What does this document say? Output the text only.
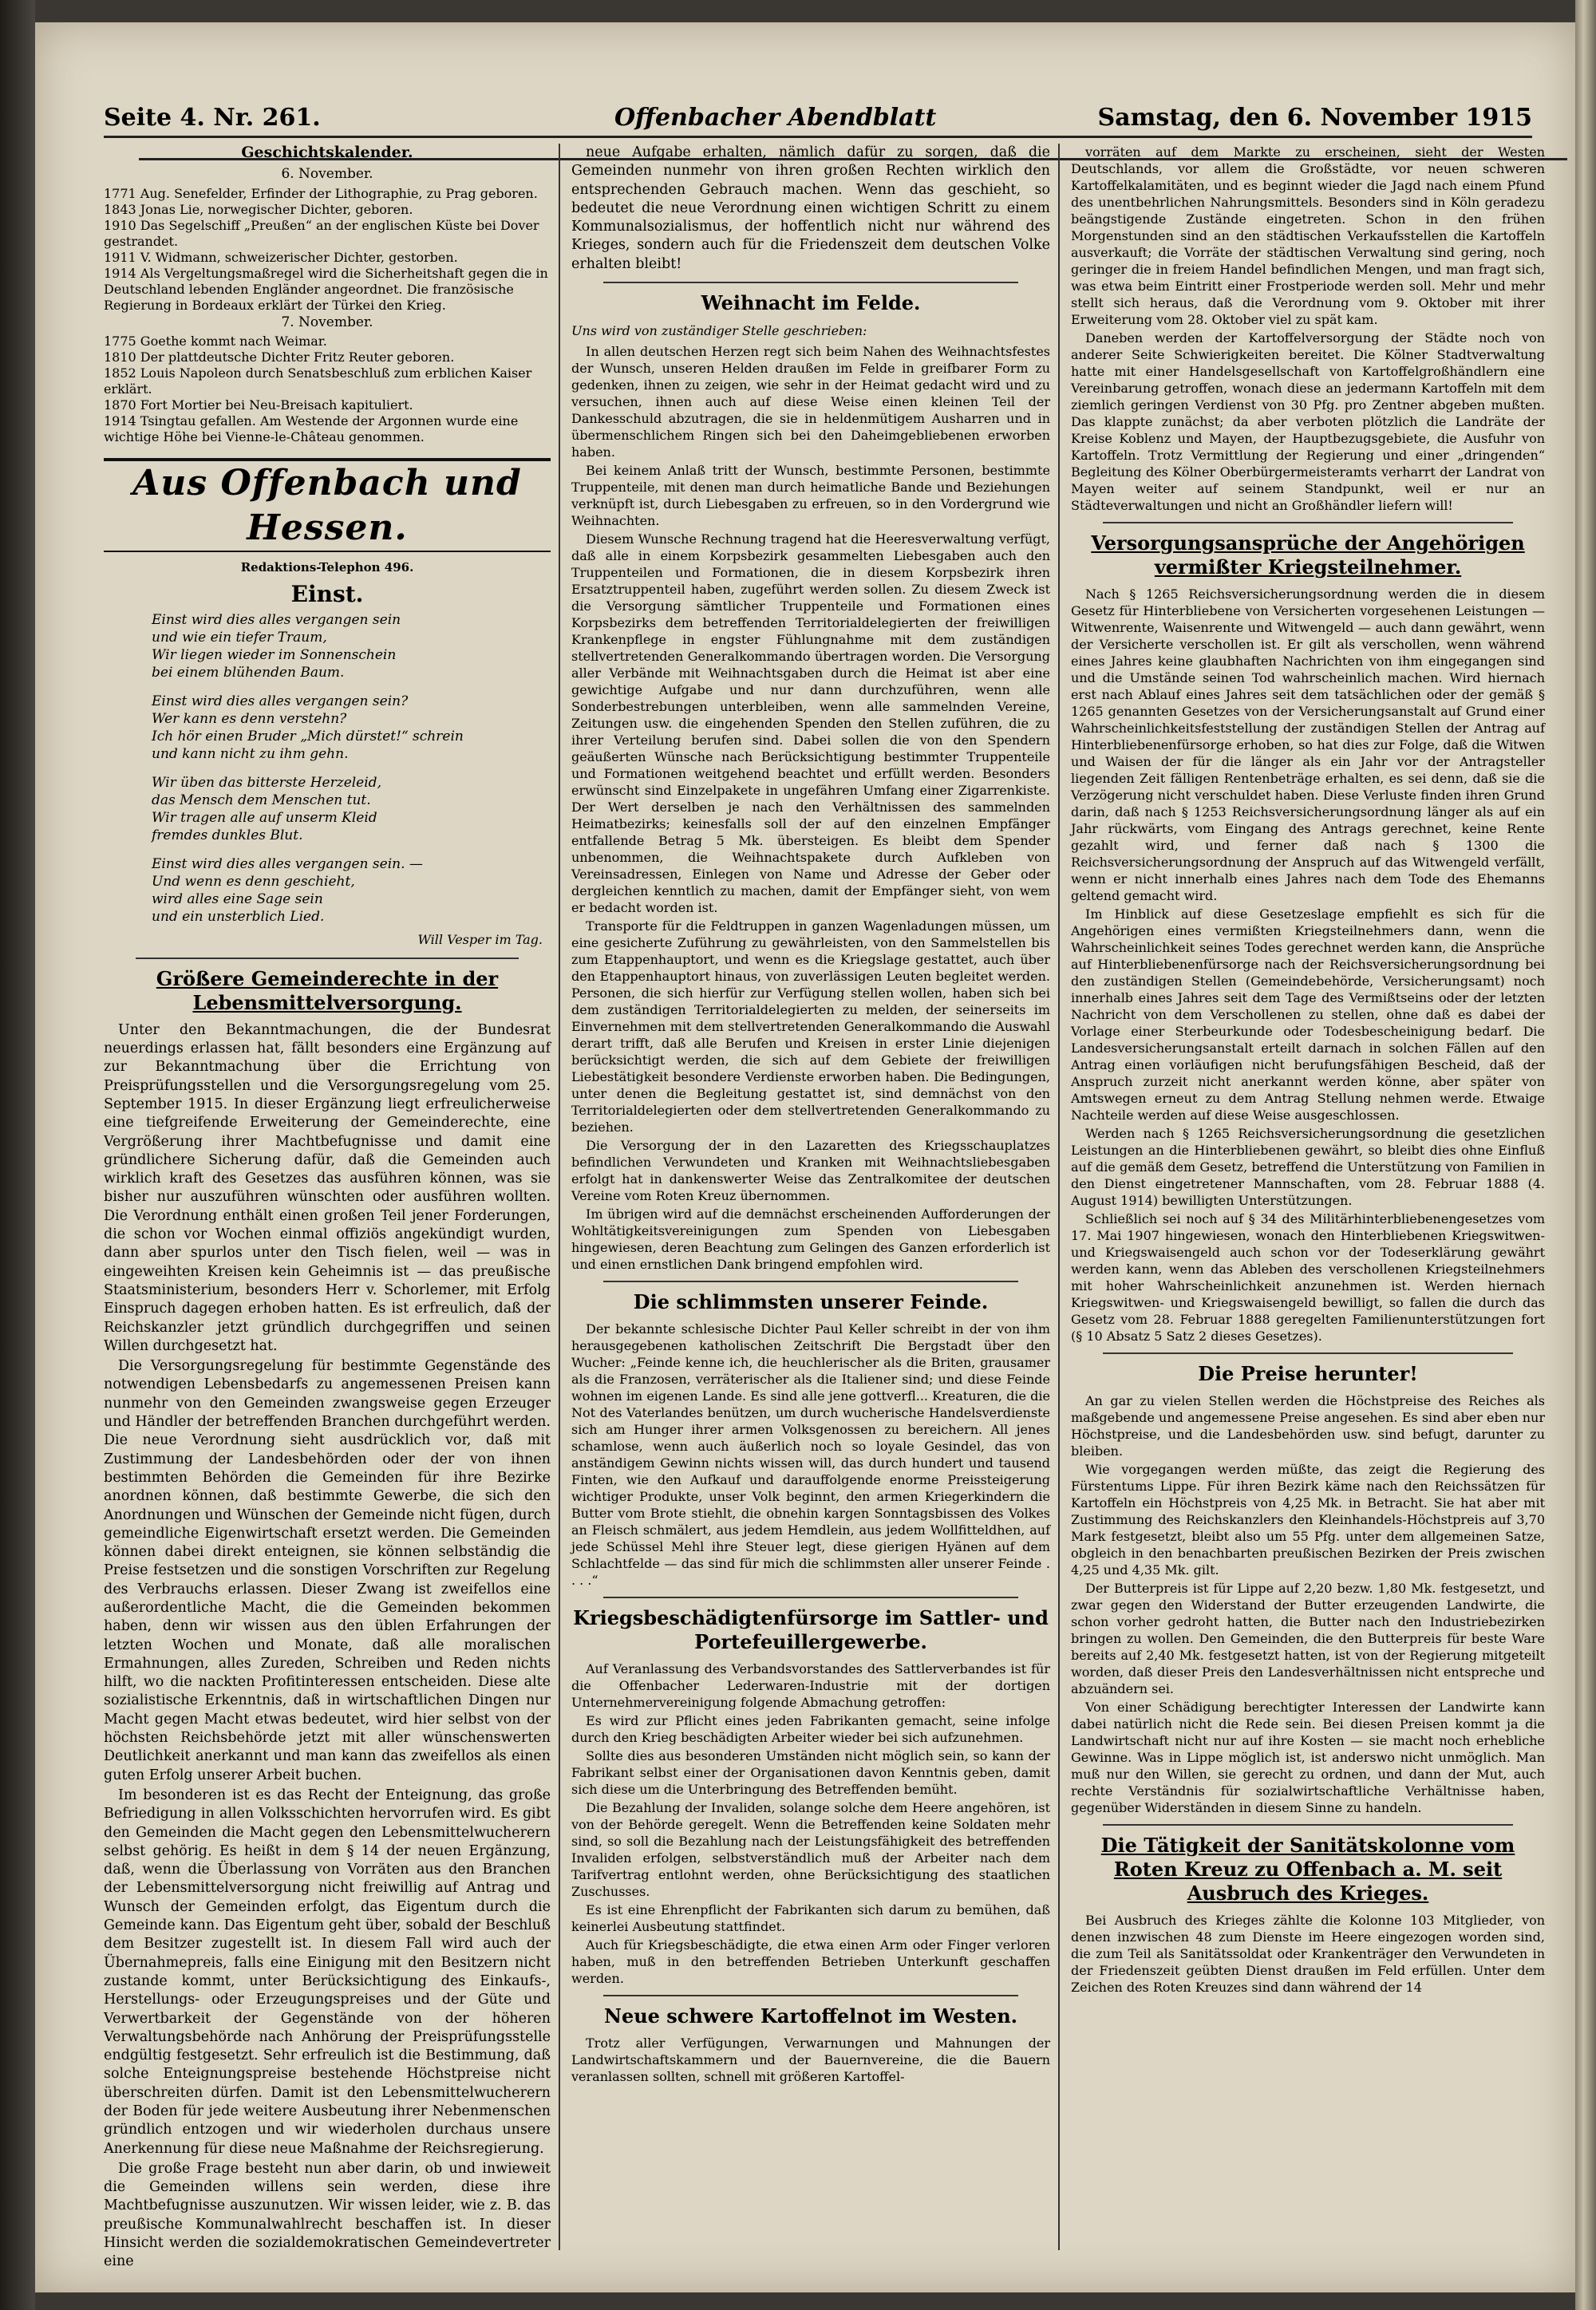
Seite 4. Nr. 261.	Offenbacher Abendblatt	Samstag, den 6. November 1915
Geschichtskalender.
6. November.

1771 Aug. Senefelder, Erfinder der Lithographie, zu Prag geboren.

1843 Jonas Lie, norwegischer Dichter, geboren.

1910 Das Segelschiff „Preußen“ an der englischen Küste bei Dover gestrandet.

1911 V. Widmann, schweizerischer Dichter, gestorben.

1914 Als Vergeltungsmaßregel wird die Sicherheitshaft gegen die in Deutschland lebenden Engländer angeordnet. Die französische Regierung in Bordeaux erklärt der Türkei den Krieg.

7. November.

1775 Goethe kommt nach Weimar.

1810 Der plattdeutsche Dichter Fritz Reuter geboren.

1852 Louis Napoleon durch Senatsbeschluß zum erblichen Kaiser erklärt.

1870 Fort Mortier bei Neu-Breisach kapituliert.

1914 Tsingtau gefallen. Am Westende der Argonnen wurde eine wichtige Höhe bei Vienne-le-Château genommen.

Aus Offenbach und Hessen.
Redaktions-Telephon 496.
Einst.

Einst wird dies alles vergangen sein

und wie ein tiefer Traum,

Wir liegen wieder im Sonnenschein

bei einem blühenden Baum.

Einst wird dies alles vergangen sein?

Wer kann es denn verstehn?

Ich hör einen Bruder „Mich dürstet!“ schrein

und kann nicht zu ihm gehn.

Wir üben das bitterste Herzeleid,

das Mensch dem Menschen tut.

Wir tragen alle auf unserm Kleid

fremdes dunkles Blut.

Einst wird dies alles vergangen sein. —

Und wenn es denn geschieht,

wird alles eine Sage sein

und ein unsterblich Lied.

Will Vesper im Tag.
Größere Gemeinderechte in der Lebensmittelversorgung.

Unter den Bekanntmachungen, die der Bundesrat neuerdings erlassen hat, fällt besonders eine Ergänzung auf zur Bekanntmachung über die Errichtung von Preisprüfungsstellen und die Versorgungsregelung vom 25. September 1915. In dieser Ergänzung liegt erfreulicherweise eine tiefgreifende Erweiterung der Gemeinderechte, eine Vergrößerung ihrer Machtbefugnisse und damit eine gründlichere Sicherung dafür, daß die Gemeinden auch wirklich kraft des Gesetzes das ausführen können, was sie bisher nur auszuführen wünschten oder ausführen wollten. Die Verordnung enthält einen großen Teil jener Forderungen, die schon vor Wochen einmal offiziös angekündigt wurden, dann aber spurlos unter den Tisch fielen, weil — was in eingeweihten Kreisen kein Geheimnis ist — das preußische Staatsministerium, besonders Herr v. Schorlemer, mit Erfolg Einspruch dagegen erhoben hatten. Es ist erfreulich, daß der Reichskanzler jetzt gründlich durchgegriffen und seinen Willen durchgesetzt hat.

Die Versorgungsregelung für bestimmte Gegenstände des notwendigen Lebensbedarfs zu angemessenen Preisen kann nunmehr von den Gemeinden zwangsweise gegen Erzeuger und Händler der betreffenden Branchen durchgeführt werden. Die neue Verordnung sieht ausdrücklich vor, daß mit Zustimmung der Landesbehörden oder der von ihnen bestimmten Behörden die Gemeinden für ihre Bezirke anordnen können, daß bestimmte Gewerbe, die sich den Anordnungen und Wünschen der Gemeinde nicht fügen, durch gemeindliche Eigenwirtschaft ersetzt werden. Die Gemeinden können dabei direkt enteignen, sie können selbständig die Preise festsetzen und die sonstigen Vorschriften zur Regelung des Verbrauchs erlassen. Dieser Zwang ist zweifellos eine außerordentliche Macht, die die Gemeinden bekommen haben, denn wir wissen aus den üblen Erfahrungen der letzten Wochen und Monate, daß alle moralischen Ermahnungen, alles Zureden, Schreiben und Reden nichts hilft, wo die nackten Profitinteressen entscheiden. Diese alte sozialistische Erkenntnis, daß in wirtschaftlichen Dingen nur Macht gegen Macht etwas bedeutet, wird hier selbst von der höchsten Reichsbehörde jetzt mit aller wünschenswerten Deutlichkeit anerkannt und man kann das zweifellos als einen guten Erfolg unserer Arbeit buchen.

Im besonderen ist es das Recht der Enteignung, das große Befriedigung in allen Volksschichten hervorrufen wird. Es gibt den Gemeinden die Macht gegen den Lebensmittelwucherern selbst gehörig. Es heißt in dem § 14 der neuen Ergänzung, daß, wenn die Überlassung von Vorräten aus den Branchen der Lebensmittelversorgung nicht freiwillig auf Antrag und Wunsch der Gemeinden erfolgt, das Eigentum durch die Gemeinde kann. Das Eigentum geht über, sobald der Beschluß dem Besitzer zugestellt ist. In diesem Fall wird auch der Übernahmepreis, falls eine Einigung mit den Besitzern nicht zustande kommt, unter Berücksichtigung des Einkaufs-, Herstellungs- oder Erzeugungspreises und der Güte und Verwertbarkeit der Gegenstände von der höheren Verwaltungsbehörde nach Anhörung der Preisprüfungsstelle endgültig festgesetzt. Sehr erfreulich ist die Bestimmung, daß solche Enteignungspreise bestehende Höchstpreise nicht überschreiten dürfen. Damit ist den Lebensmittelwucherern der Boden für jede weitere Ausbeutung ihrer Nebenmenschen gründlich entzogen und wir wiederholen durchaus unsere Anerkennung für diese neue Maßnahme der Reichsregierung.

Die große Frage besteht nun aber darin, ob und inwieweit die Gemeinden willens sein werden, diese ihre Machtbefugnisse auszunutzen. Wir wissen leider, wie z. B. das preußische Kommunalwahlrecht beschaffen ist. In dieser Hinsicht werden die sozialdemokratischen Gemeindevertreter eine

neue Aufgabe erhalten, nämlich dafür zu sorgen, daß die Gemeinden nunmehr von ihren großen Rechten wirklich den entsprechenden Gebrauch machen. Wenn das geschieht, so bedeutet die neue Verordnung einen wichtigen Schritt zu einem Kommunalsozialismus, der hoffentlich nicht nur während des Krieges, sondern auch für die Friedenszeit dem deutschen Volke erhalten bleibt!

Weihnacht im Felde.

Uns wird von zuständiger Stelle geschrieben:

In allen deutschen Herzen regt sich beim Nahen des Weihnachtsfestes der Wunsch, unseren Helden draußen im Felde in greifbarer Form zu gedenken, ihnen zu zeigen, wie sehr in der Heimat gedacht wird und zu versuchen, ihnen auch auf diese Weise einen kleinen Teil der Dankesschuld abzutragen, die sie in heldenmütigem Ausharren und in übermenschlichem Ringen sich bei den Daheimgebliebenen erworben haben.

Bei keinem Anlaß tritt der Wunsch, bestimmte Personen, bestimmte Truppenteile, mit denen man durch heimatliche Bande und Beziehungen verknüpft ist, durch Liebesgaben zu erfreuen, so in den Vordergrund wie Weihnachten.

Diesem Wunsche Rechnung tragend hat die Heeresverwaltung verfügt, daß alle in einem Korpsbezirk gesammelten Liebesgaben auch den Truppenteilen und Formationen, die in diesem Korpsbezirk ihren Ersatztruppenteil haben, zugeführt werden sollen. Zu diesem Zweck ist die Versorgung sämtlicher Truppenteile und Formationen eines Korpsbezirks dem betreffenden Territorialdelegierten der freiwilligen Krankenpflege in engster Fühlungnahme mit dem zuständigen stellvertretenden Generalkommando übertragen worden. Die Versorgung aller Verbände mit Weihnachtsgaben durch die Heimat ist aber eine gewichtige Aufgabe und nur dann durchzuführen, wenn alle Sonderbestrebungen unterbleiben, wenn alle sammelnden Vereine, Zeitungen usw. die eingehenden Spenden den Stellen zuführen, die zu ihrer Verteilung berufen sind. Dabei sollen die von den Spendern geäußerten Wünsche nach Berücksichtigung bestimmter Truppenteile und Formationen weitgehend beachtet und erfüllt werden. Besonders erwünscht sind Einzelpakete in ungefähren Umfang einer Zigarrenkiste. Der Wert derselben je nach den Verhältnissen des sammelnden Heimatbezirks; keinesfalls soll der auf den einzelnen Empfänger entfallende Betrag 5 Mk. übersteigen. Es bleibt dem Spender unbenommen, die Weihnachtspakete durch Aufkleben von Vereinsadressen, Einlegen von Name und Adresse der Geber oder dergleichen kenntlich zu machen, damit der Empfänger sieht, von wem er bedacht worden ist.

Transporte für die Feldtruppen in ganzen Wagenladungen müssen, um eine gesicherte Zuführung zu gewährleisten, von den Sammelstellen bis zum Etappenhauptort, und wenn es die Kriegslage gestattet, auch über den Etappenhauptort hinaus, von zuverlässigen Leuten begleitet werden. Personen, die sich hierfür zur Verfügung stellen wollen, haben sich bei dem zuständigen Territorialdelegierten zu melden, der seinerseits im Einvernehmen mit dem stellvertretenden Generalkommando die Auswahl derart trifft, daß alle Berufen und Kreisen in erster Linie diejenigen berücksichtigt werden, die sich auf dem Gebiete der freiwilligen Liebestätigkeit besondere Verdienste erworben haben. Die Bedingungen, unter denen die Begleitung gestattet ist, sind demnächst von den Territorialdelegierten oder dem stellvertretenden Generalkommando zu beziehen.

Die Versorgung der in den Lazaretten des Kriegsschauplatzes befindlichen Verwundeten und Kranken mit Weihnachtsliebesgaben erfolgt hat in dankenswerter Weise das Zentralkomitee der deutschen Vereine vom Roten Kreuz übernommen.

Im übrigen wird auf die demnächst erscheinenden Aufforderungen der Wohltätigkeitsvereinigungen zum Spenden von Liebesgaben hingewiesen, deren Beachtung zum Gelingen des Ganzen erforderlich ist und einen ernstlichen Dank bringend empfohlen wird.

Die schlimmsten unserer Feinde.

Der bekannte schlesische Dichter Paul Keller schreibt in der von ihm herausgegebenen katholischen Zeitschrift Die Bergstadt über den Wucher: „Feinde kenne ich, die heuchlerischer als die Briten, grausamer als die Franzosen, verräterischer als die Italiener sind; und diese Feinde wohnen im eigenen Lande. Es sind alle jene gottverfl... Kreaturen, die die Not des Vaterlandes benützen, um durch wucherische Handelsverdienste sich am Hunger ihrer armen Volksgenossen zu bereichern. All jenes schamlose, wenn auch äußerlich noch so loyale Gesindel, das von anständigem Gewinn nichts wissen will, das durch hundert und tausend Finten, wie den Aufkauf und darauffolgende enorme Preissteigerung wichtiger Produkte, unser Volk beginnt, den armen Kriegerkindern die Butter vom Brote stiehlt, die obnehin kargen Sonntagsbissen des Volkes an Fleisch schmälert, aus jedem Hemdlein, aus jedem Wollfitteldhen, auf jede Schüssel Mehl ihre Steuer legt, diese gierigen Hyänen auf dem Schlachtfelde — das sind für mich die schlimmsten aller unserer Feinde . . . .“

Kriegsbeschädigtenfürsorge im Sattler- und Portefeuillergewerbe.

Auf Veranlassung des Verbandsvorstandes des Sattlerverbandes ist für die Offenbacher Lederwaren-Industrie mit der dortigen Unternehmervereinigung folgende Abmachung getroffen:

Es wird zur Pflicht eines jeden Fabrikanten gemacht, seine infolge durch den Krieg beschädigten Arbeiter wieder bei sich aufzunehmen.

Sollte dies aus besonderen Umständen nicht möglich sein, so kann der Fabrikant selbst einer der Organisationen davon Kenntnis geben, damit sich diese um die Unterbringung des Betreffenden bemüht.

Die Bezahlung der Invaliden, solange solche dem Heere angehören, ist von der Behörde geregelt. Wenn die Betreffenden keine Soldaten mehr sind, so soll die Bezahlung nach der Leistungsfähigkeit des betreffenden Invaliden erfolgen, selbstverständlich muß der Arbeiter nach dem Tarifvertrag entlohnt werden, ohne Berücksichtigung des staatlichen Zuschusses.

Es ist eine Ehrenpflicht der Fabrikanten sich darum zu bemühen, daß keinerlei Ausbeutung stattfindet.

Auch für Kriegsbeschädigte, die etwa einen Arm oder Finger verloren haben, muß in den betreffenden Betrieben Unterkunft geschaffen werden.

Neue schwere Kartoffelnot im Westen.

Trotz aller Verfügungen, Verwarnungen und Mahnungen der Landwirtschaftskammern und der Bauernvereine, die die Bauern veranlassen sollten, schnell mit größeren Kartoffel-

vorräten auf dem Markte zu erscheinen, sieht der Westen Deutschlands, vor allem die Großstädte, vor neuen schweren Kartoffelkalamitäten, und es beginnt wieder die Jagd nach einem Pfund des unentbehrlichen Nahrungsmittels. Besonders sind in Köln geradezu beängstigende Zustände eingetreten. Schon in den frühen Morgenstunden sind an den städtischen Verkaufsstellen die Kartoffeln ausverkauft; die Vorräte der städtischen Verwaltung sind gering, noch geringer die in freiem Handel befindlichen Mengen, und man fragt sich, was etwa beim Eintritt einer Frostperiode werden soll. Mehr und mehr stellt sich heraus, daß die Verordnung vom 9. Oktober mit ihrer Erweiterung vom 28. Oktober viel zu spät kam.

Daneben werden der Kartoffelversorgung der Städte noch von anderer Seite Schwierigkeiten bereitet. Die Kölner Stadtverwaltung hatte mit einer Handelsgesellschaft von Kartoffelgroßhändlern eine Vereinbarung getroffen, wonach diese an jedermann Kartoffeln mit dem ziemlich geringen Verdienst von 30 Pfg. pro Zentner abgeben mußten. Das klappte zunächst; da aber verboten plötzlich die Landräte der Kreise Koblenz und Mayen, der Hauptbezugsgebiete, die Ausfuhr von Kartoffeln. Trotz Vermittlung der Regierung und einer „dringenden“ Begleitung des Kölner Oberbürgermeisteramts verharrt der Landrat von Mayen weiter auf seinem Standpunkt, weil er nur an Städteverwaltungen und nicht an Großhändler liefern will!

Versorgungsansprüche der Angehörigen vermißter Kriegsteilnehmer.

Nach § 1265 Reichsversicherungsordnung werden die in diesem Gesetz für Hinterbliebene von Versicherten vorgesehenen Leistungen — Witwenrente, Waisenrente und Witwengeld — auch dann gewährt, wenn der Versicherte verschollen ist. Er gilt als verschollen, wenn während eines Jahres keine glaubhaften Nachrichten von ihm eingegangen sind und die Umstände seinen Tod wahrscheinlich machen. Wird hiernach erst nach Ablauf eines Jahres seit dem tatsächlichen oder der gemäß § 1265 genannten Gesetzes von der Versicherungsanstalt auf Grund einer Wahrscheinlichkeitsfeststellung der zuständigen Stellen der Antrag auf Hinterbliebenenfürsorge erhoben, so hat dies zur Folge, daß die Witwen und Waisen der für die länger als ein Jahr vor der Antragsteller liegenden Zeit fälligen Rentenbeträge erhalten, es sei denn, daß sie die Verzögerung nicht verschuldet haben. Diese Verluste finden ihren Grund darin, daß nach § 1253 Reichsversicherungsordnung länger als auf ein Jahr rückwärts, vom Eingang des Antrags gerechnet, keine Rente gezahlt wird, und ferner daß nach § 1300 die Reichsversicherungsordnung der Anspruch auf das Witwengeld verfällt, wenn er nicht innerhalb eines Jahres nach dem Tode des Ehemanns geltend gemacht wird.

Im Hinblick auf diese Gesetzeslage empfiehlt es sich für die Angehörigen eines vermißten Kriegsteilnehmers dann, wenn die Wahrscheinlichkeit seines Todes gerechnet werden kann, die Ansprüche auf Hinterbliebenenfürsorge nach der Reichsversicherungsordnung bei den zuständigen Stellen (Gemeindebehörde, Versicherungsamt) noch innerhalb eines Jahres seit dem Tage des Vermißtseins oder der letzten Nachricht von dem Verschollenen zu stellen, ohne daß es dabei der Vorlage einer Sterbeurkunde oder Todesbescheinigung bedarf. Die Landesversicherungsanstalt erteilt darnach in solchen Fällen auf den Antrag einen vorläufigen nicht berufungsfähigen Bescheid, daß der Anspruch zurzeit nicht anerkannt werden könne, aber später von Amtswegen erneut zu dem Antrag Stellung nehmen werde. Etwaige Nachteile werden auf diese Weise ausgeschlossen.

Werden nach § 1265 Reichsversicherungsordnung die gesetzlichen Leistungen an die Hinterbliebenen gewährt, so bleibt dies ohne Einfluß auf die gemäß dem Gesetz, betreffend die Unterstützung von Familien in den Dienst eingetretener Mannschaften, vom 28. Februar 1888 (4. August 1914) bewilligten Unterstützungen.

Schließlich sei noch auf § 34 des Militärhinterbliebenengesetzes vom 17. Mai 1907 hingewiesen, wonach den Hinterbliebenen Kriegswitwen- und Kriegswaisengeld auch schon vor der Todeserklärung gewährt werden kann, wenn das Ableben des verschollenen Kriegsteilnehmers mit hoher Wahrscheinlichkeit anzunehmen ist. Werden hiernach Kriegswitwen- und Kriegswaisengeld bewilligt, so fallen die durch das Gesetz vom 28. Februar 1888 geregelten Familienunterstützungen fort (§ 10 Absatz 5 Satz 2 dieses Gesetzes).

Die Preise herunter!

An gar zu vielen Stellen werden die Höchstpreise des Reiches als maßgebende und angemessene Preise angesehen. Es sind aber eben nur Höchstpreise, und die Landesbehörden usw. sind befugt, darunter zu bleiben.

Wie vorgegangen werden müßte, das zeigt die Regierung des Fürstentums Lippe. Für ihren Bezirk käme nach den Reichssätzen für Kartoffeln ein Höchstpreis von 4,25 Mk. in Betracht. Sie hat aber mit Zustimmung des Reichskanzlers den Kleinhandels-Höchstpreis auf 3,70 Mark festgesetzt, bleibt also um 55 Pfg. unter dem allgemeinen Satze, obgleich in den benachbarten preußischen Bezirken der Preis zwischen 4,25 und 4,35 Mk. gilt.

Der Butterpreis ist für Lippe auf 2,20 bezw. 1,80 Mk. festgesetzt, und zwar gegen den Widerstand der Butter erzeugenden Landwirte, die schon vorher gedroht hatten, die Butter nach den Industriebezirken bringen zu wollen. Den Gemeinden, die den Butterpreis für beste Ware bereits auf 2,40 Mk. festgesetzt hatten, ist von der Regierung mitgeteilt worden, daß dieser Preis den Landesverhältnissen nicht entspreche und abzuändern sei.

Von einer Schädigung berechtigter Interessen der Landwirte kann dabei natürlich nicht die Rede sein. Bei diesen Preisen kommt ja die Landwirtschaft nicht nur auf ihre Kosten — sie macht noch erhebliche Gewinne. Was in Lippe möglich ist, ist anderswo nicht unmöglich. Man muß nur den Willen, sie gerecht zu ordnen, und dann der Mut, auch rechte Verständnis für sozialwirtschaftliche Verhältnisse haben, gegenüber Widerständen in diesem Sinne zu handeln.

Die Tätigkeit der Sanitätskolonne vom Roten Kreuz zu Offenbach a. M. seit Ausbruch des Krieges.

Bei Ausbruch des Krieges zählte die Kolonne 103 Mitglieder, von denen inzwischen 48 zum Dienste im Heere eingezogen worden sind, die zum Teil als Sanitätssoldat oder Krankenträger den Verwundeten in der Friedenszeit geübten Dienst draußen im Feld erfüllen. Unter dem Zeichen des Roten Kreuzes sind dann während der 14
